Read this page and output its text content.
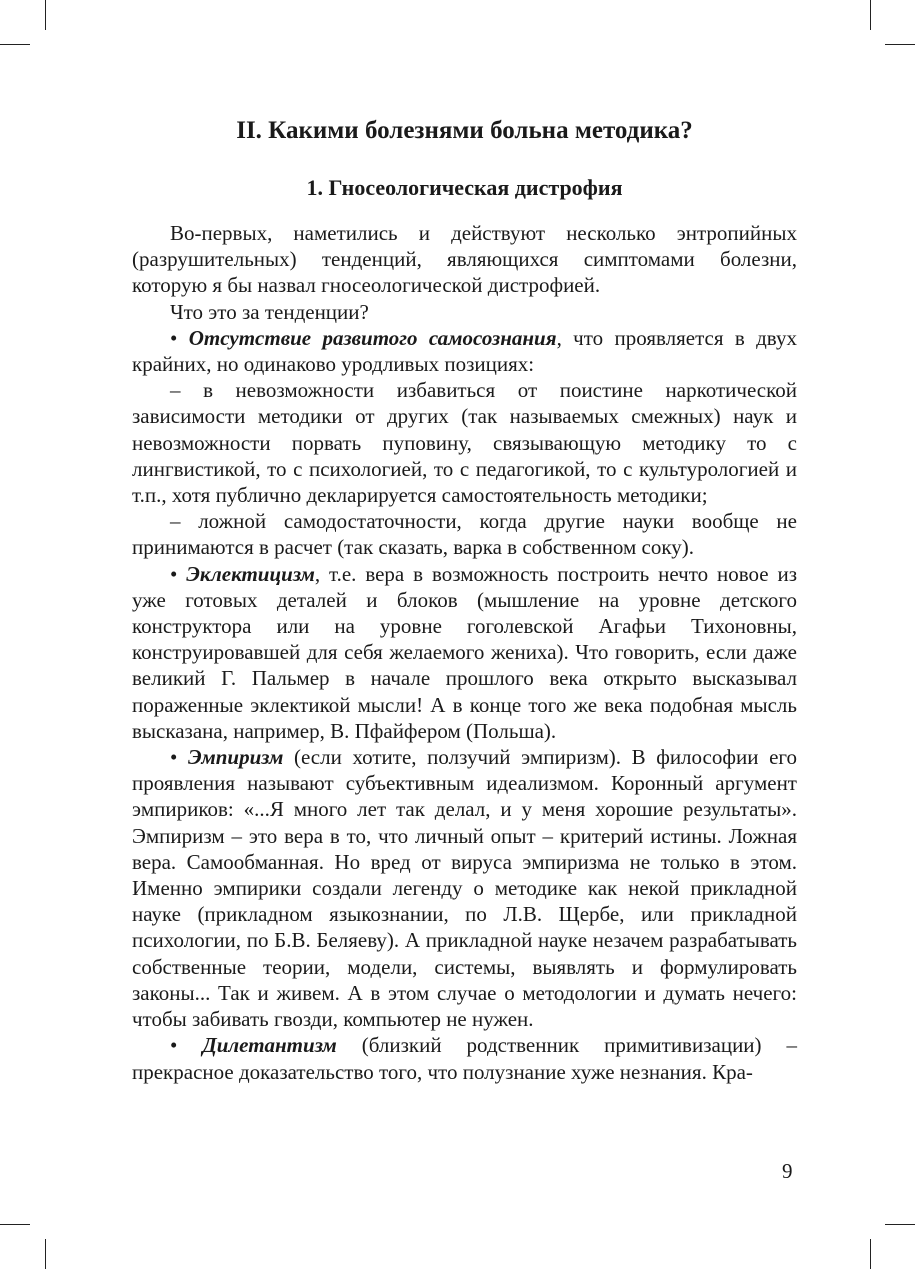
II. Какими болезнями больна методика?
1. Гносеологическая дистрофия

Во-первых, наметились и действуют несколько энтропийных (разрушительных) тенденций, являющихся симптомами болезни, которую я бы назвал гносеологической дистрофией.

Что это за тенденции?

• Отсутствие развитого самосознания, что проявляется в двух крайних, но одинаково уродливых позициях:

– в невозможности избавиться от поистине наркотической зависимости методики от других (так называемых смежных) наук и невозможности порвать пуповину, связывающую методику то с лингвистикой, то с психологией, то с педагогикой, то с культурологией и т.п., хотя публично декларируется самостоятельность методики;

– ложной самодостаточности, когда другие науки вообще не принимаются в расчет (так сказать, варка в собственном соку).

• Эклектицизм, т.е. вера в возможность построить нечто новое из уже готовых деталей и блоков (мышление на уровне детского конструктора или на уровне гоголевской Агафьи Тихоновны, конструировавшей для себя желаемого жениха). Что говорить, если даже великий Г. Пальмер в начале прошлого века открыто высказывал пораженные эклектикой мысли! А в конце того же века подобная мысль высказана, например, В. Пфайфером (Польша).

• Эмпиризм (если хотите, ползучий эмпиризм). В философии его проявления называют субъективным идеализмом. Коронный аргумент эмпириков: «...Я много лет так делал, и у меня хорошие результаты». Эмпиризм – это вера в то, что личный опыт – критерий истины. Ложная вера. Самообманная. Но вред от вируса эмпиризма не только в этом. Именно эмпирики создали легенду о методике как некой прикладной науке (прикладном языкознании, по Л.В. Щербе, или прикладной психологии, по Б.В. Беляеву). А прикладной науке незачем разрабатывать собственные теории, модели, системы, выявлять и формулировать законы... Так и живем. А в этом случае о методологии и думать нечего: чтобы забивать гвозди, компьютер не нужен.

• Дилетантизм (близкий родственник примитивизации) – прекрасное доказательство того, что полузнание хуже незнания. Кра-

9
